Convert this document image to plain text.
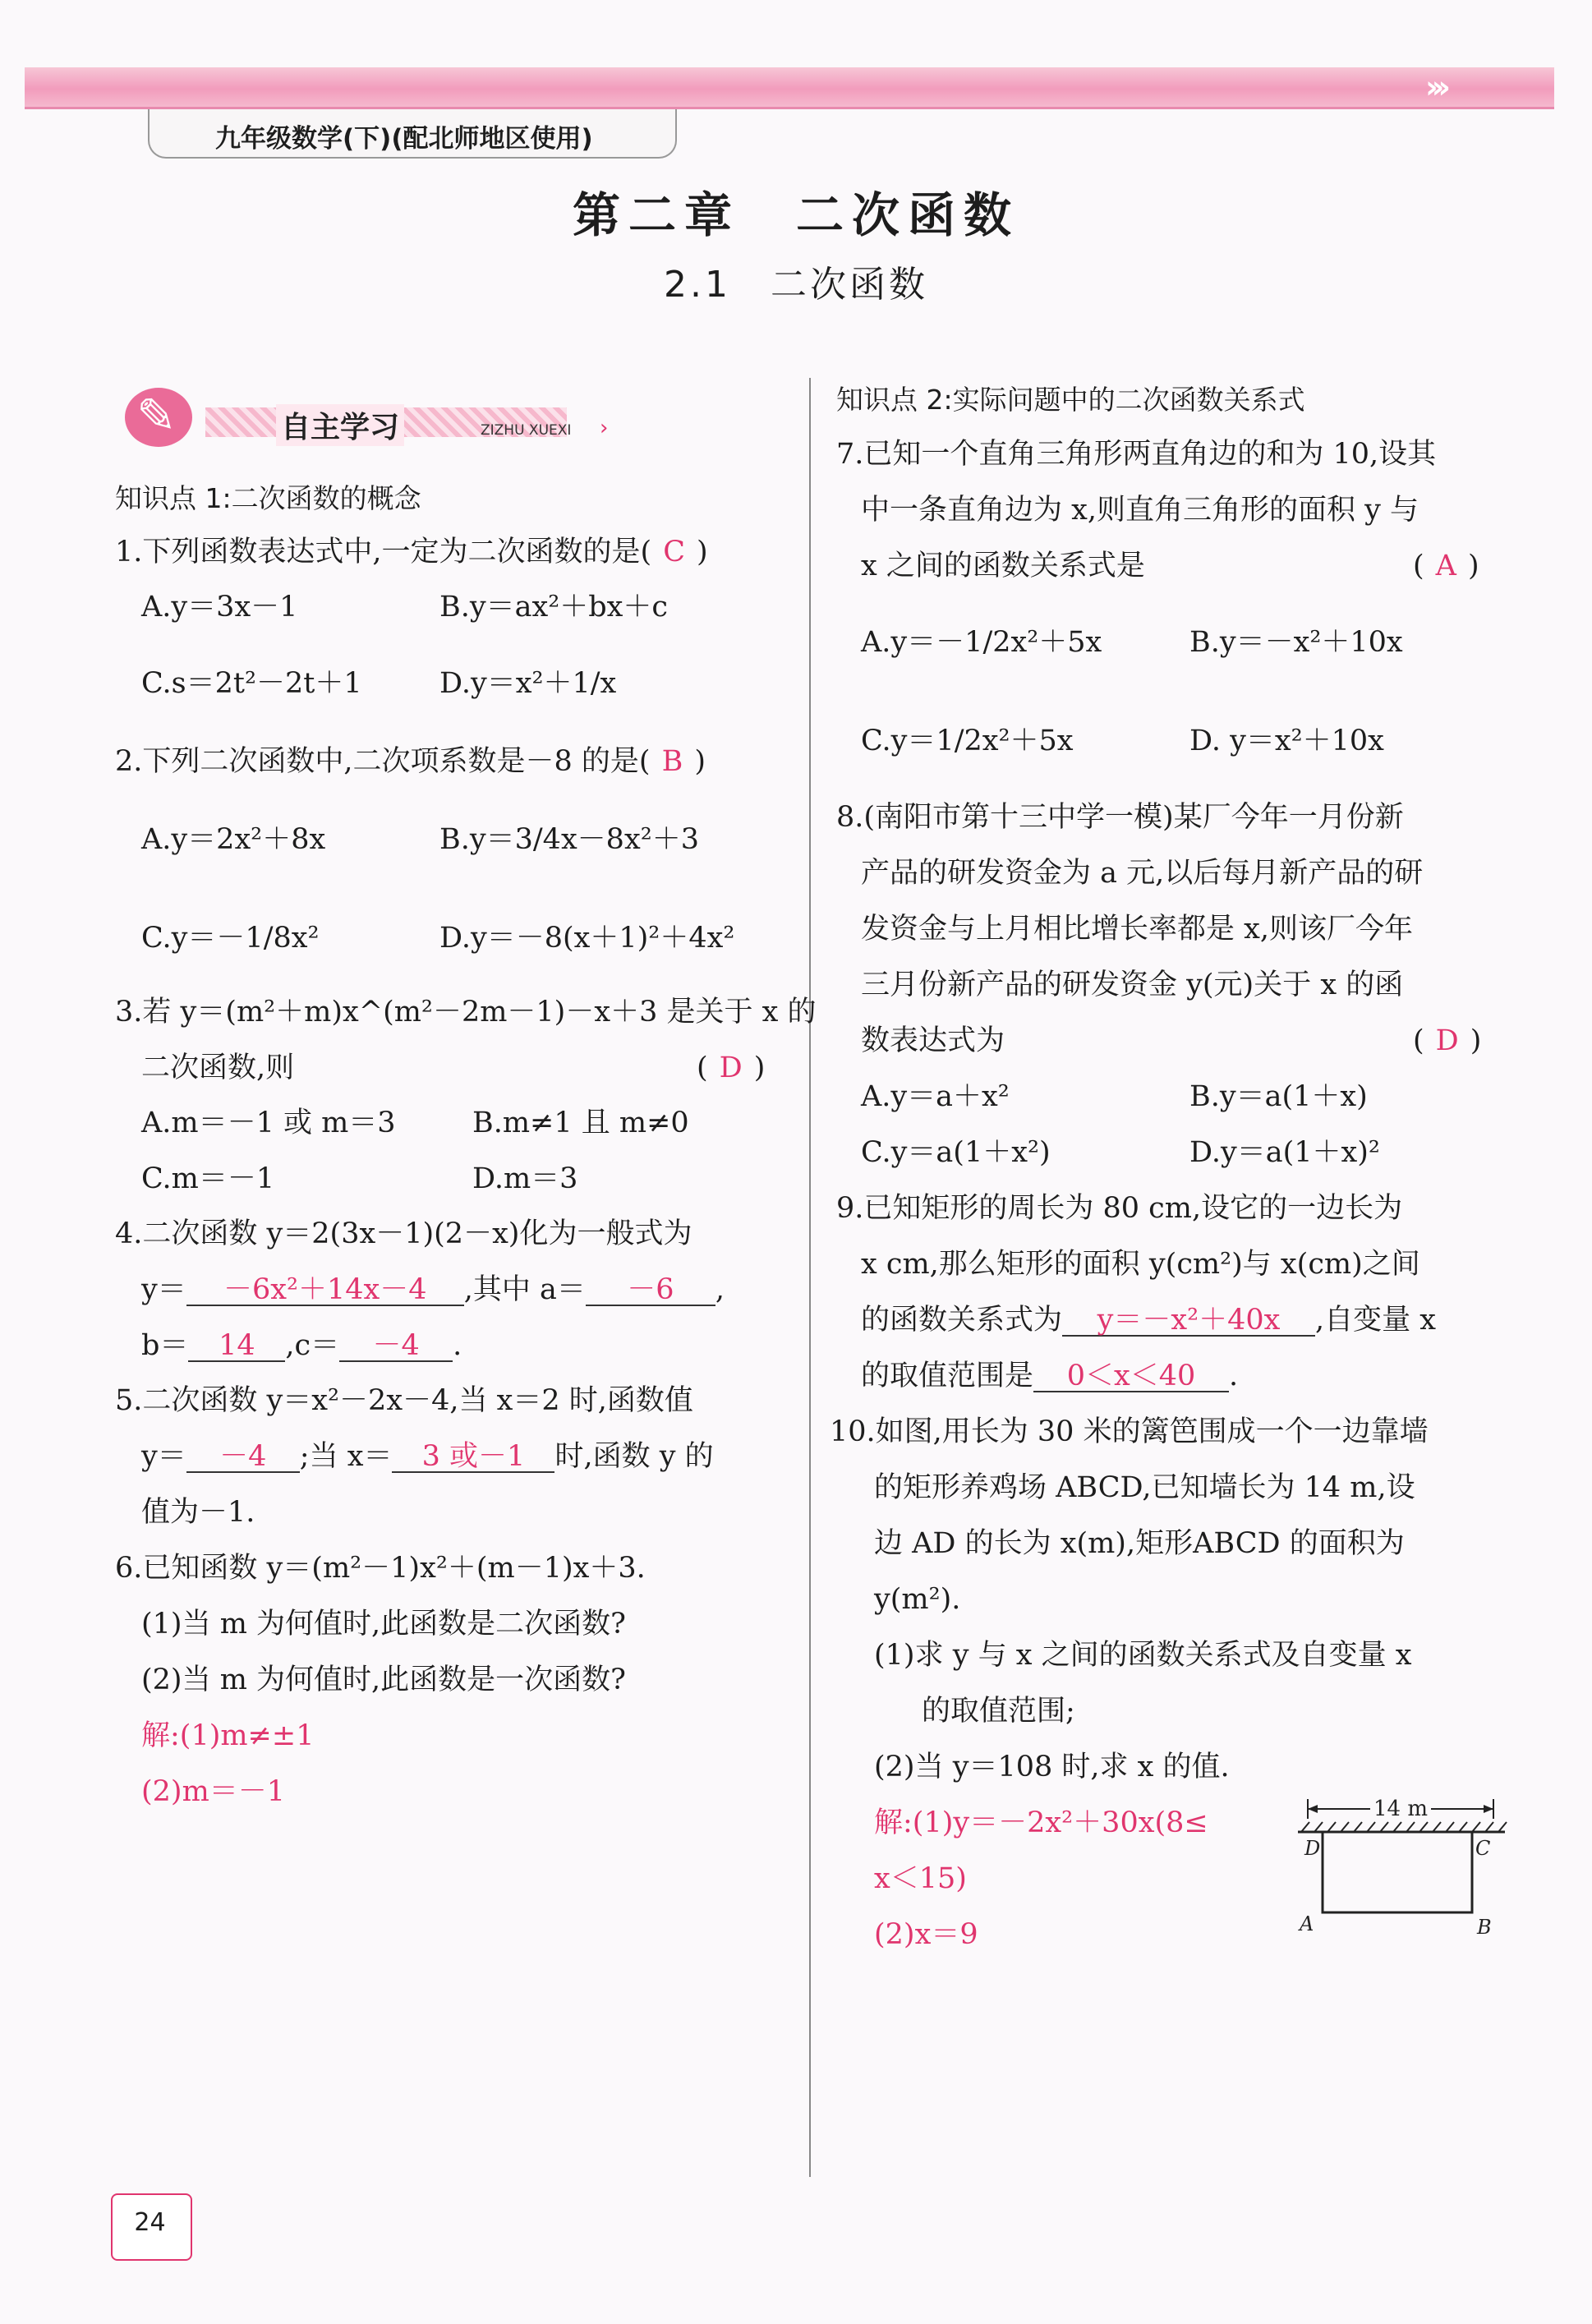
›››
九年级数学(下)(配北师地区使用)
第二章　二次函数
2.1　二次函数
✎	自主学习	ZIZHU XUEXI ›
知识点 1:二次函数的概念
1.下列函数表达式中,一定为二次函数的是( C )
A.y＝3x－1	B.y＝ax²＋bx＋c
C.s＝2t²－2t＋1	D.y＝x²＋1/x
2.下列二次函数中,二次项系数是－8 的是( B )
A.y＝2x²＋8x	B.y＝3/4x－8x²＋3
C.y＝－1/8x²	D.y＝－8(x＋1)²＋4x²
3.若 y＝(m²＋m)x^(m²－2m－1)－x＋3 是关于 x 的
二次函数,则	( D )
A.m＝－1 或 m＝3	B.m≠1 且 m≠0
C.m＝－1	D.m＝3
4.二次函数 y＝2(3x－1)(2－x)化为一般式为
y＝ －6x²＋14x－4 ,其中 a＝ －6 ,
b＝ 14 ,c＝ －4 .
5.二次函数 y＝x²－2x－4,当 x＝2 时,函数值
y＝ －4 ;当 x＝ 3 或－1 时,函数 y 的
值为－1.
6.已知函数 y＝(m²－1)x²＋(m－1)x＋3.
(1)当 m 为何值时,此函数是二次函数?
(2)当 m 为何值时,此函数是一次函数?
解:(1)m≠±1
(2)m＝－1
知识点 2:实际问题中的二次函数关系式
7.已知一个直角三角形两直角边的和为 10,设其
中一条直角边为 x,则直角三角形的面积 y 与
x 之间的函数关系式是	( A )
A.y＝－1/2x²＋5x	B.y＝－x²＋10x
C.y＝1/2x²＋5x	D. y＝x²＋10x
8.(南阳市第十三中学一模)某厂今年一月份新
产品的研发资金为 a 元,以后每月新产品的研
发资金与上月相比增长率都是 x,则该厂今年
三月份新产品的研发资金 y(元)关于 x 的函
数表达式为	( D )
A.y＝a＋x²	B.y＝a(1＋x)
C.y＝a(1＋x²)	D.y＝a(1＋x)²
9.已知矩形的周长为 80 cm,设它的一边长为
x cm,那么矩形的面积 y(cm²)与 x(cm)之间
的函数关系式为 y＝－x²＋40x ,自变量 x
的取值范围是 0＜x＜40 .
10.如图,用长为 30 米的篱笆围成一个一边靠墙
的矩形养鸡场 ABCD,已知墙长为 14 m,设
边 AD 的长为 x(m),矩形ABCD 的面积为
y(m²).
(1)求 y 与 x 之间的函数关系式及自变量 x
的取值范围;
(2)当 y＝108 时,求 x 的值.
解:(1)y＝－2x²＋30x(8≤
x＜15)
(2)x＝9
14 m
D	C
A	B
24
